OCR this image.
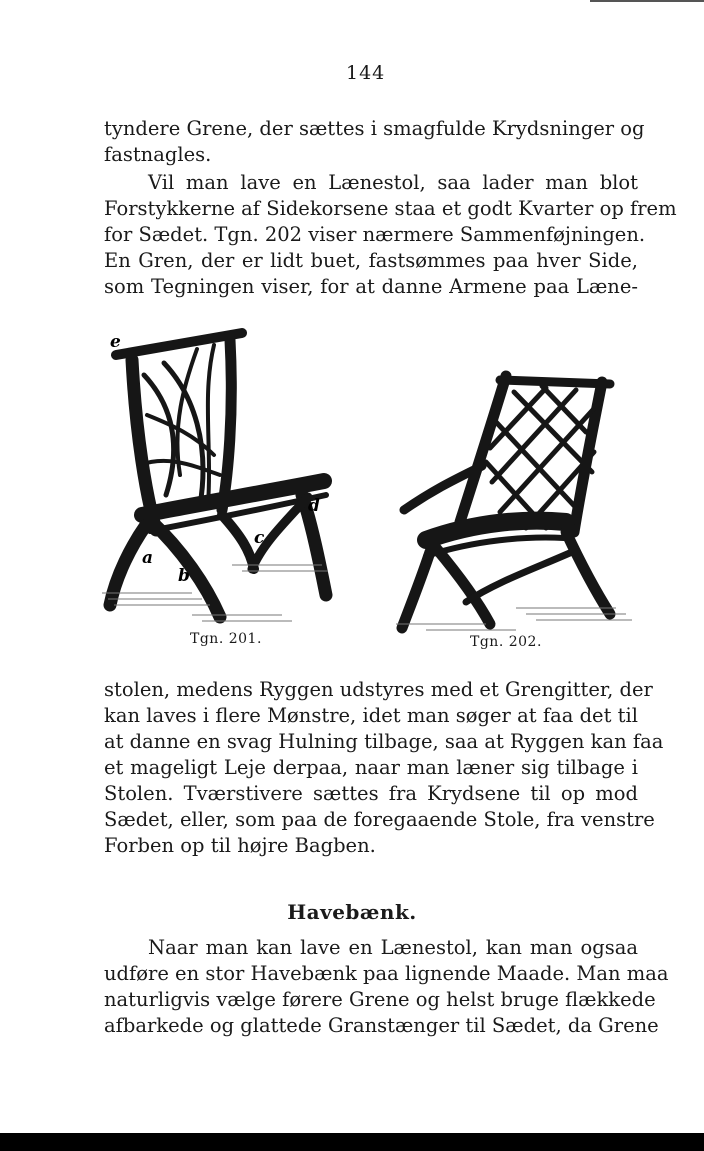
144
tyndere Grene, der sættes i smagfulde Krydsninger og
fastnagles.
Vil man lave en Lænestol, saa lader man blot
Forstykkerne af Sidekorsene staa et godt Kvarter op frem
for Sædet. Tgn. 202 viser nærmere Sammenføjningen.
En Gren, der er lidt buet, fastsømmes paa hver Side,
som Tegningen viser, for at danne Armene paa Læne-
e
d
c
a
b
Tgn. 201.	Tgn. 202.
stolen, medens Ryggen udstyres med et Grengitter, der
kan laves i flere Mønstre, idet man søger at faa det til
at danne en svag Hulning tilbage, saa at Ryggen kan faa
et mageligt Leje derpaa, naar man læner sig tilbage i
Stolen. Tværstivere sættes fra Krydsene til op mod
Sædet, eller, som paa de foregaaende Stole, fra venstre
Forben op til højre Bagben.
Havebænk.
Naar man kan lave en Lænestol, kan man ogsaa
udføre en stor Havebænk paa lignende Maade. Man maa
naturligvis vælge førere Grene og helst bruge flækkede
afbarkede og glattede Granstænger til Sædet, da Grene
